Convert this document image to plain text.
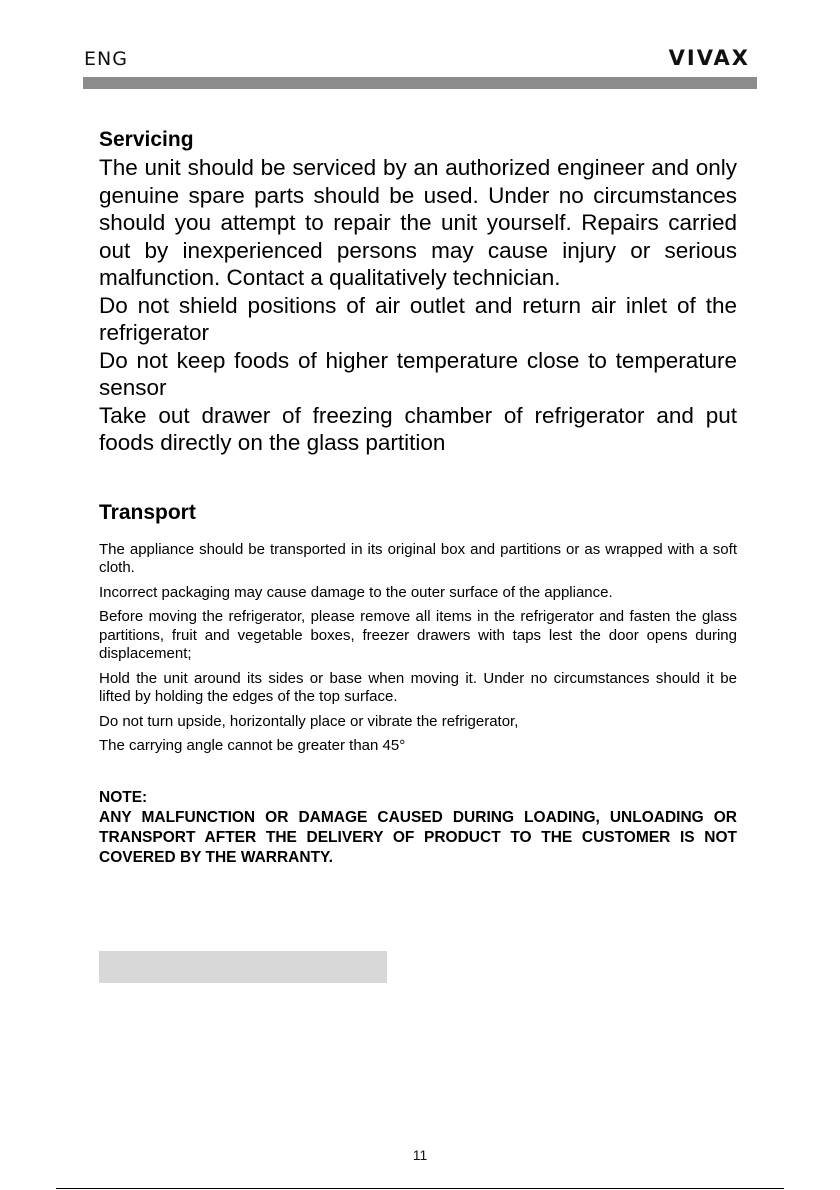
ENG	VIVAX
Servicing

The unit should be serviced by an authorized engineer and only genuine spare parts should be used. Under no circumstances should you attempt to repair the unit yourself. Repairs carried out by inexperienced persons may cause injury or serious malfunction. Contact a qualitatively technician.

Do not shield positions of air outlet and return air inlet of the refrigerator

Do not keep foods of higher temperature close to temperature sensor

Take out drawer of freezing chamber of refrigerator and put foods directly on the glass partition

Transport

The appliance should be transported in its original box and partitions or as wrapped with a soft cloth.

Incorrect packaging may cause damage to the outer surface of the appliance.

Before moving the refrigerator, please remove all items in the refrigerator and fasten the glass partitions, fruit and vegetable boxes, freezer drawers with taps lest the door opens during displacement;

Hold the unit around its sides or base when moving it. Under no circumstances should it be lifted by holding the edges of the top surface.

Do not turn upside, horizontally place or vibrate the refrigerator,

The carrying angle cannot be greater than 45°

NOTE:

ANY MALFUNCTION OR DAMAGE CAUSED DURING LOADING, UNLOADING OR TRANSPORT AFTER THE DELIVERY OF PRODUCT TO THE CUSTOMER IS NOT COVERED BY THE WARRANTY.

11
